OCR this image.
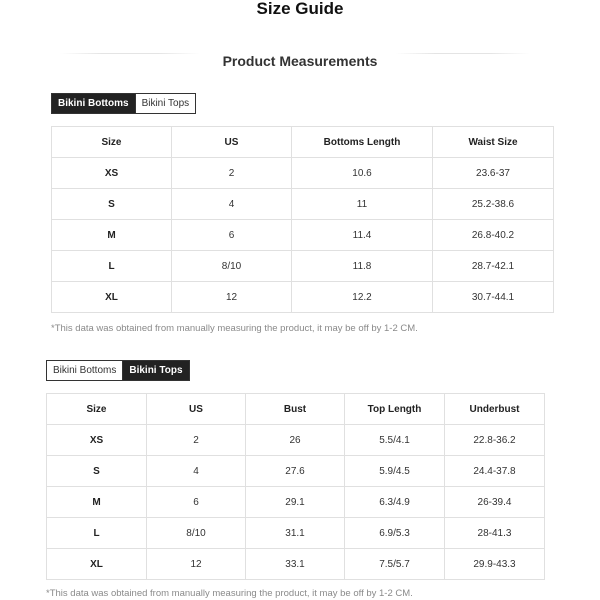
Size Guide
Product Measurements
Bikini Bottoms	Bikini Tops
Size	US	Bottoms Length	Waist Size
XS	2	10.6	23.6-37
S	4	11	25.2-38.6
M	6	11.4	26.8-40.2
L	8/10	11.8	28.7-42.1
XL	12	12.2	30.7-44.1
*This data was obtained from manually measuring the product, it may be off by 1-2 CM.
Bikini Bottoms	Bikini Tops
Size	US	Bust	Top Length	Underbust
XS	2	26	5.5/4.1	22.8-36.2
S	4	27.6	5.9/4.5	24.4-37.8
M	6	29.1	6.3/4.9	26-39.4
L	8/10	31.1	6.9/5.3	28-41.3
XL	12	33.1	7.5/5.7	29.9-43.3
*This data was obtained from manually measuring the product, it may be off by 1-2 CM.
